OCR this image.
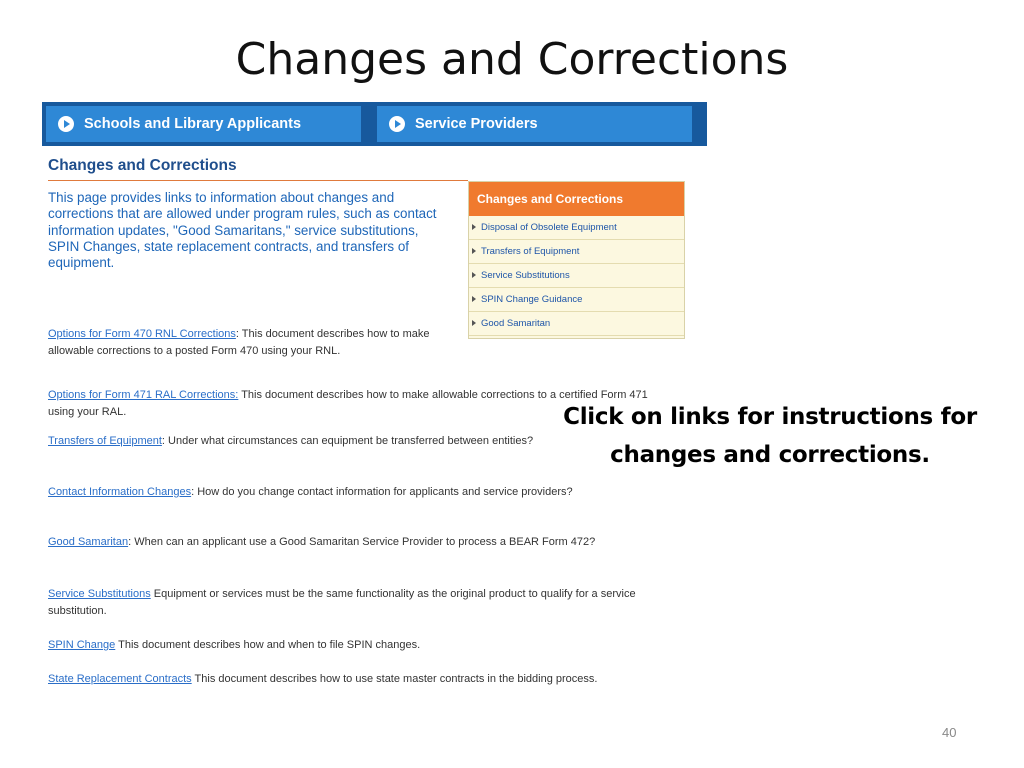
Changes and Corrections
Schools and Library Applicants	Service Providers
Changes and Corrections

This page provides links to information about changes and corrections that are allowed under program rules, such as contact information updates, "Good Samaritans," service substitutions, SPIN Changes, state replacement contracts, and transfers of equipment.

Changes and Corrections
Disposal of Obsolete Equipment
Transfers of Equipment
Service Substitutions
SPIN Change Guidance
Good Samaritan

Options for Form 470 RNL Corrections: This document describes how to make allowable corrections to a posted Form 470 using your RNL.

Options for Form 471 RAL Corrections: This document describes how to make allowable corrections to a certified Form 471 using your RAL.

Transfers of Equipment: Under what circumstances can equipment be transferred between entities?

Contact Information Changes: How do you change contact information for applicants and service providers?

Good Samaritan: When can an applicant use a Good Samaritan Service Provider to process a BEAR Form 472?

Service Substitutions Equipment or services must be the same functionality as the original product to qualify for a service substitution.

SPIN Change This document describes how and when to file SPIN changes.

State Replacement Contracts This document describes how to use state master contracts in the bidding process.

Click on links for instructions for changes and corrections.

40
